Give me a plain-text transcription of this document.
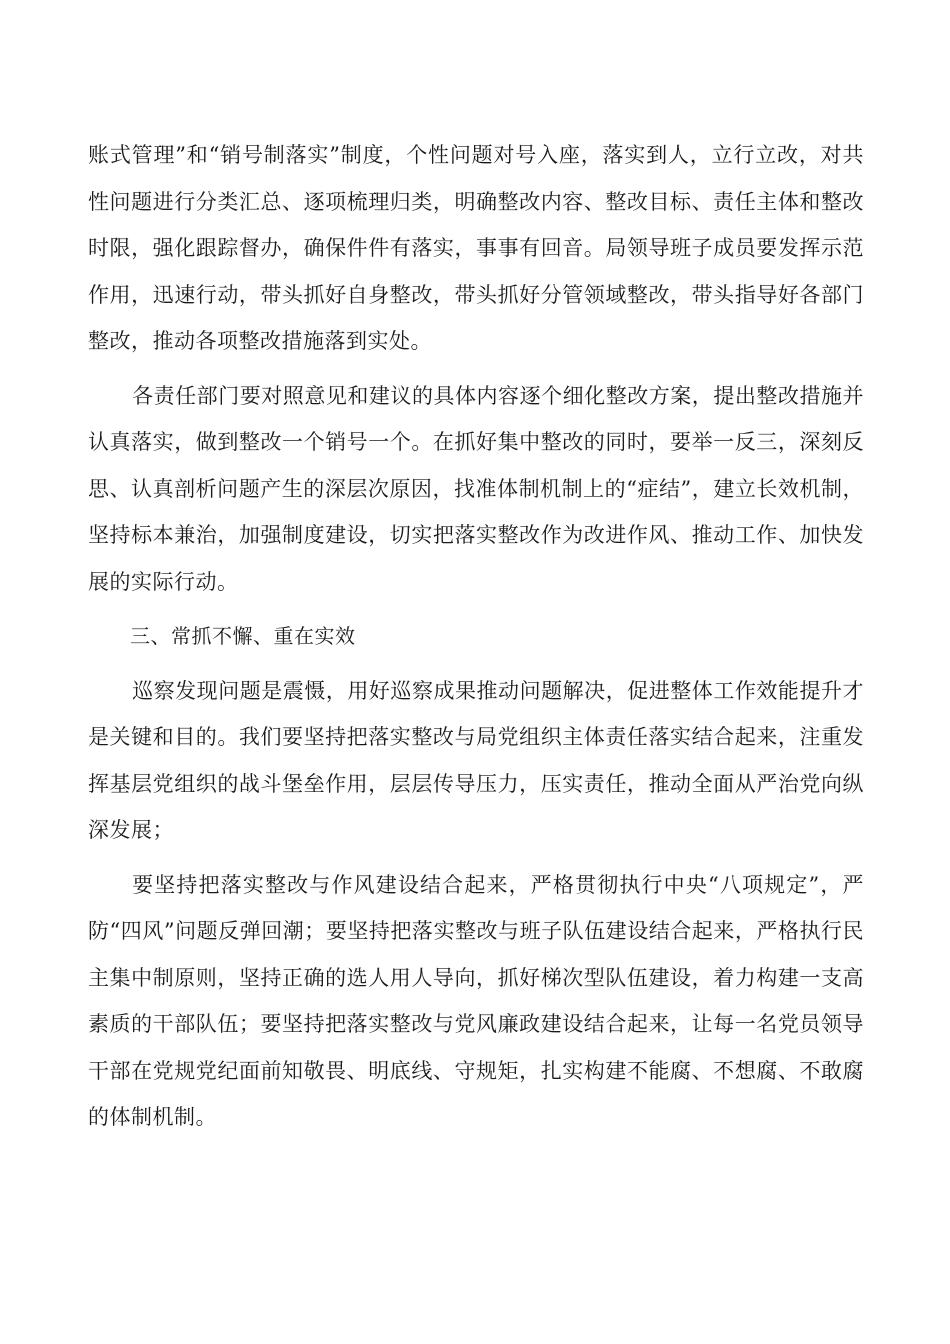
账式管理”和“销号制落实”制度，个性问题对号入座，落实到人，立行立改，对共性问题进行分类汇总、逐项梳理归类，明确整改内容、整改目标、责任主体和整改时限，强化跟踪督办，确保件件有落实，事事有回音。局领导班子成员要发挥示范作用，迅速行动，带头抓好自身整改，带头抓好分管领域整改，带头指导好各部门整改，推动各项整改措施落到实处。

各责任部门要对照意见和建议的具体内容逐个细化整改方案，提出整改措施并认真落实，做到整改一个销号一个。在抓好集中整改的同时，要举一反三，深刻反思、认真剖析问题产生的深层次原因，找准体制机制上的“症结”，建立长效机制，坚持标本兼治，加强制度建设，切实把落实整改作为改进作风、推动工作、加快发展的实际行动。

三、常抓不懈、重在实效

巡察发现问题是震慑，用好巡察成果推动问题解决，促进整体工作效能提升才是关键和目的。我们要坚持把落实整改与局党组织主体责任落实结合起来，注重发挥基层党组织的战斗堡垒作用，层层传导压力，压实责任，推动全面从严治党向纵深发展；

要坚持把落实整改与作风建设结合起来，严格贯彻执行中央“八项规定”，严防“四风”问题反弹回潮；要坚持把落实整改与班子队伍建设结合起来，严格执行民主集中制原则，坚持正确的选人用人导向，抓好梯次型队伍建设，着力构建一支高素质的干部队伍；要坚持把落实整改与党风廉政建设结合起来，让每一名党员领导干部在党规党纪面前知敬畏、明底线、守规矩，扎实构建不能腐、不想腐、不敢腐的体制机制。
